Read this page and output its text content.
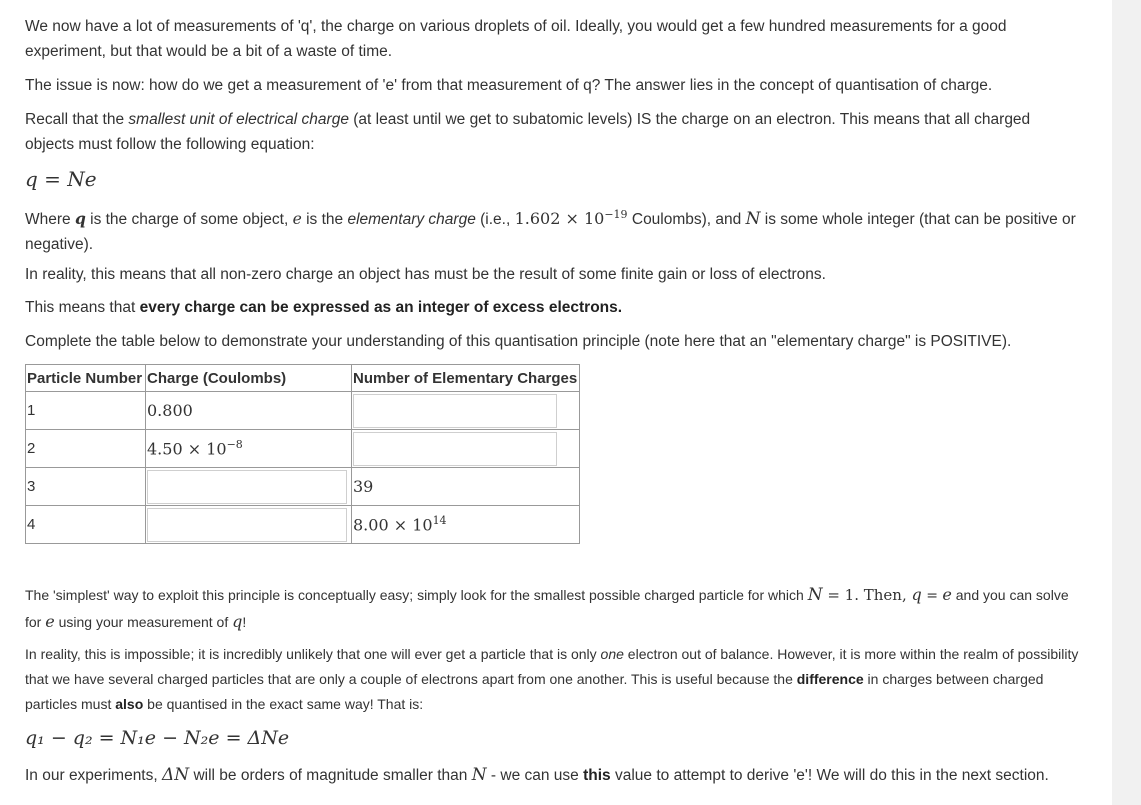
We now have a lot of measurements of 'q', the charge on various droplets of oil. Ideally, you would get a few hundred measurements for a good experiment, but that would be a bit of a waste of time.

The issue is now: how do we get a measurement of 'e' from that measurement of q? The answer lies in the concept of quantisation of charge.

Recall that the smallest unit of electrical charge (at least until we get to subatomic levels) IS the charge on an electron. This means that all charged objects must follow the following equation:

q = Ne

Where q is the charge of some object, e is the elementary charge (i.e., $1.602 \times 10^{-19}$ Coulombs), and N is some whole integer (that can be positive or negative).

In reality, this means that all non-zero charge an object has must be the result of some finite gain or loss of electrons.

This means that every charge can be expressed as an integer of excess electrons.

Complete the table below to demonstrate your understanding of this quantisation principle (note here that an "elementary charge" is POSITIVE).

Particle Number	Charge (Coulombs)	Number of Elementary Charges
1	0.800	

2	$4.50 \times 10^{-8}$	

3		39
4		$8.00 \times 10^{14}$

The 'simplest' way to exploit this principle is conceptually easy; simply look for the smallest possible charged particle for which N = 1. Then, q = e and you can solve for e using your measurement of q!

In reality, this is impossible; it is incredibly unlikely that one will ever get a particle that is only one electron out of balance. However, it is more within the realm of possibility that we have several charged particles that are only a couple of electrons apart from one another. This is useful because the difference in charges between charged particles must also be quantised in the exact same way! That is:

q₁ − q₂ = N₁e − N₂e = ΔNe

In our experiments, ΔN will be orders of magnitude smaller than N - we can use this value to attempt to derive 'e'! We will do this in the next section.
